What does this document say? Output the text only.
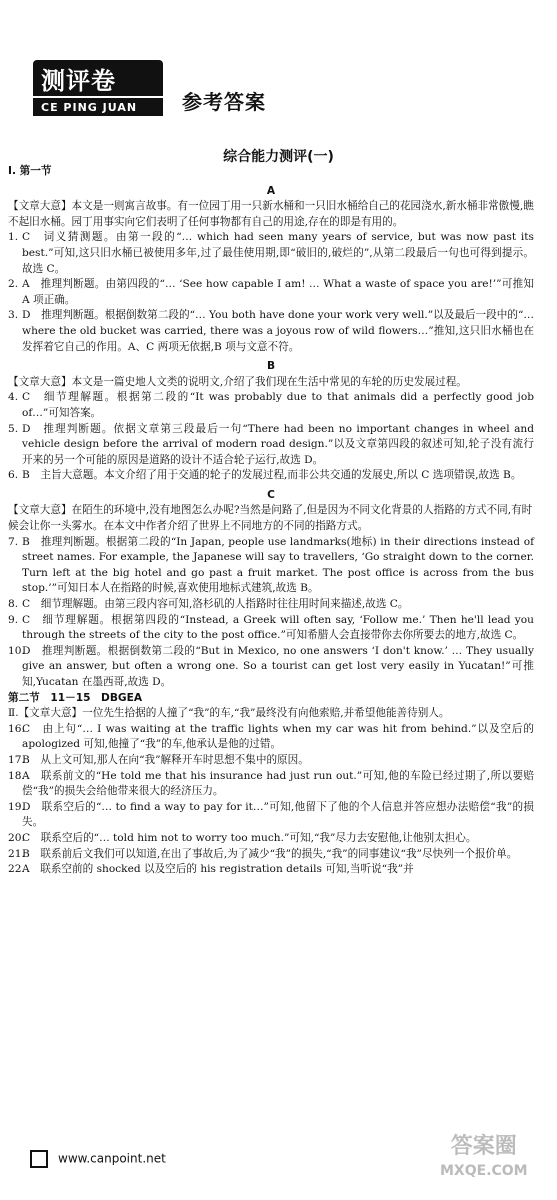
测评卷
CE PING JUAN	参考答案
综合能力测评(一)
Ⅰ. 第一节
A
【文章大意】本文是一则寓言故事。有一位园丁用一只新水桶和一只旧水桶给自己的花园浇水,新水桶非常傲慢,瞧不起旧水桶。园丁用事实向它们表明了任何事物都有自己的用途,存在的即是有用的。
1. C　词义猜测题。由第一段的“… which had seen many years of service, but was now past its best.”可知,这只旧水桶已被使用多年,过了最佳使用期,即“破旧的,破烂的”,从第二段最后一句也可得到提示。故选 C。
2. A　推理判断题。由第四段的“… ‘See how capable I am! … What a waste of space you are!’”可推知 A 项正确。
3. D　推理判断题。根据倒数第二段的“… You both have done your work very well.”以及最后一段中的“… where the old bucket was carried, there was a joyous row of wild flowers…”推知,这只旧水桶也在发挥着它自己的作用。A、C 两项无依据,B 项与文意不符。
B
【文章大意】本文是一篇史地人文类的说明文,介绍了我们现在生活中常见的车轮的历史发展过程。
4. C　细节理解题。根据第二段的“It was probably due to that animals did a perfectly good job of…”可知答案。
5. D　推理判断题。依据文章第三段最后一句“There had been no important changes in wheel and vehicle design before the arrival of modern road design.”以及文章第四段的叙述可知,轮子没有流行开来的另一个可能的原因是道路的设计不适合轮子运行,故选 D。
6. B　主旨大意题。本文介绍了用于交通的轮子的发展过程,而非公共交通的发展史,所以 C 选项错误,故选 B。
C
【文章大意】在陌生的环境中,没有地图怎么办呢?当然是问路了,但是因为不同文化背景的人指路的方式不同,有时候会让你一头雾水。在本文中作者介绍了世界上不同地方的不同的指路方式。
7. B　推理判断题。根据第二段的“In Japan, people use landmarks(地标) in their directions instead of street names. For example, the Japanese will say to travellers, ‘Go straight down to the corner. Turn left at the big hotel and go past a fruit market. The post office is across from the bus stop.’”可知日本人在指路的时候,喜欢使用地标式建筑,故选 B。
8. C　细节理解题。由第三段内容可知,洛杉矶的人指路时往往用时间来描述,故选 C。
9. C　细节理解题。根据第四段的“Instead, a Greek will often say, ‘Follow me.’ Then he'll lead you through the streets of the city to the post office.”可知希腊人会直接带你去你所要去的地方,故选 C。
10.
D　推理判断题。根据倒数第二段的“But in Mexico, no one answers ‘I don't know.’ … They usually give an answer, but often a wrong one. So a tourist can get lost very easily in Yucatan!”可推知,Yucatan 在墨西哥,故选 D。
第二节　11－15　DBGEA
Ⅱ.【文章大意】一位先生拾据的人撞了“我”的车,“我”最终没有向他索赔,并希望他能善待别人。
16.
C　由上句“… I was waiting at the traffic lights when my car was hit from behind.”以及空后的 apologized 可知,他撞了“我”的车,他承认是他的过错。
17.
B　从上文可知,那人在向“我”解释开车时思想不集中的原因。
18.
A　联系前文的“He told me that his insurance had just run out.”可知,他的车险已经过期了,所以要赔偿“我”的损失会给他带来很大的经济压力。
19.
D　联系空后的“… to find a way to pay for it…”可知,他留下了他的个人信息并答应想办法赔偿“我”的损失。
20.
C　联系空后的“… told him not to worry too much.”可知,“我”尽力去安慰他,让他别太担心。
21.
B　联系前后文我们可以知道,在出了事故后,为了减少“我”的损失,“我”的同事建议“我”尽快列一个报价单。
22.
A　联系空前的 shocked 以及空后的 his registration details 可知,当听说“我”并
www.canpoint.net	答案圈
MXQE.COM
